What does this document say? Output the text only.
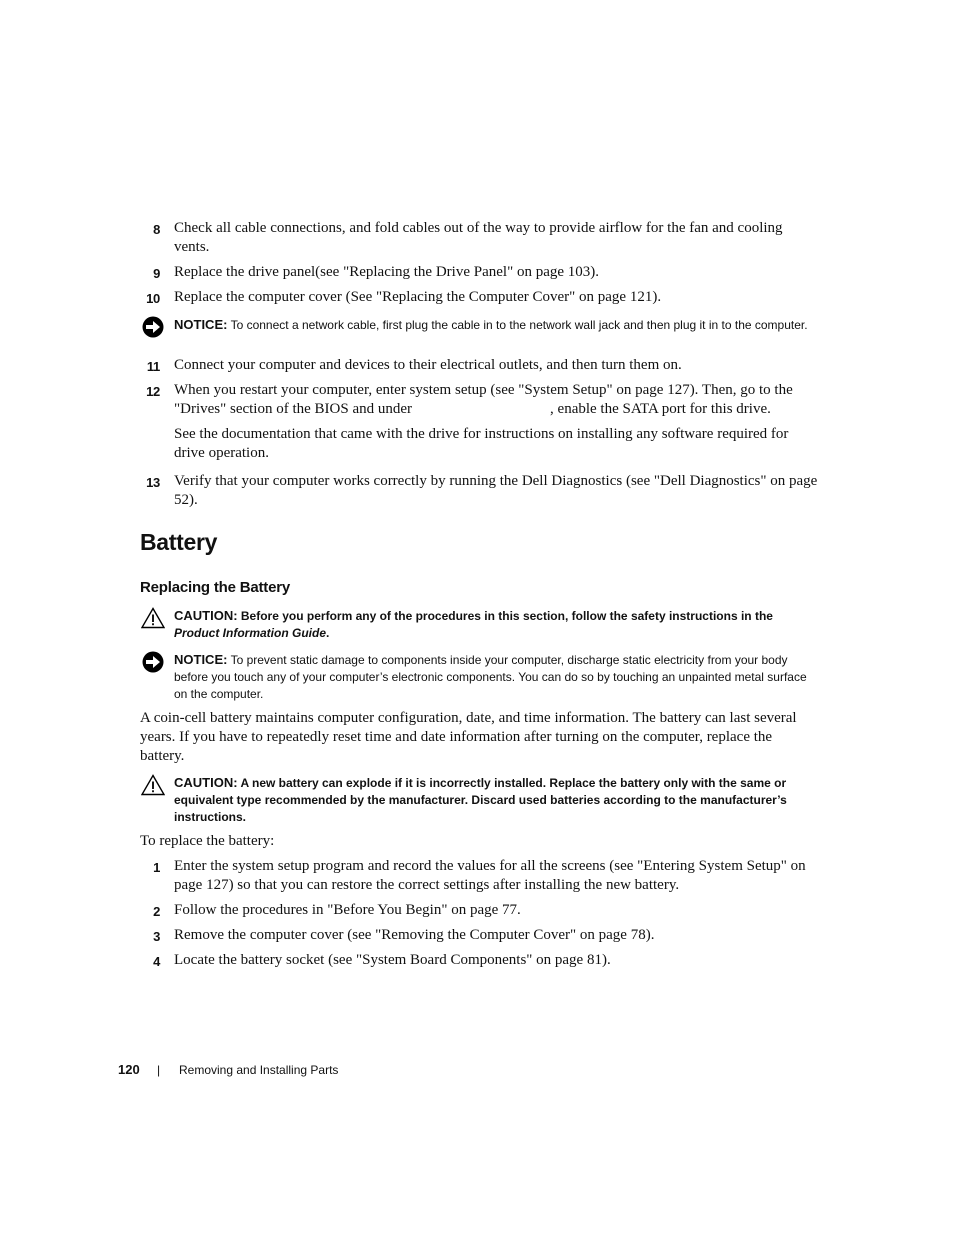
8 Check all cable connections, and fold cables out of the way to provide airflow for the fan and cooling vents.
9 Replace the drive panel(see "Replacing the Drive Panel" on page 103).
10 Replace the computer cover (See "Replacing the Computer Cover" on page 121).
NOTICE: To connect a network cable, first plug the cable in to the network wall jack and then plug it in to the computer.
11 Connect your computer and devices to their electrical outlets, and then turn them on.
12 When you restart your computer, enter system setup (see "System Setup" on page 127). Then, go to the "Drives" section of the BIOS and under	, enable the SATA port for this drive.
See the documentation that came with the drive for instructions on installing any software required for drive operation.
13 Verify that your computer works correctly by running the Dell Diagnostics (see "Dell Diagnostics" on page 52).
Battery
Replacing the Battery
CAUTION: Before you perform any of the procedures in this section, follow the safety instructions in the Product Information Guide.
NOTICE: To prevent static damage to components inside your computer, discharge static electricity from your body before you touch any of your computer’s electronic components. You can do so by touching an unpainted metal surface on the computer.
A coin-cell battery maintains computer configuration, date, and time information. The battery can last several years. If you have to repeatedly reset time and date information after turning on the computer, replace the battery.
CAUTION: A new battery can explode if it is incorrectly installed. Replace the battery only with the same or equivalent type recommended by the manufacturer. Discard used batteries according to the manufacturer’s instructions.
To replace the battery:
1 Enter the system setup program and record the values for all the screens (see "Entering System Setup" on page 127) so that you can restore the correct settings after installing the new battery.
2 Follow the procedures in "Before You Begin" on page 77.
3 Remove the computer cover (see "Removing the Computer Cover" on page 78).
4 Locate the battery socket (see "System Board Components" on page 81).
120 | Removing and Installing Parts
